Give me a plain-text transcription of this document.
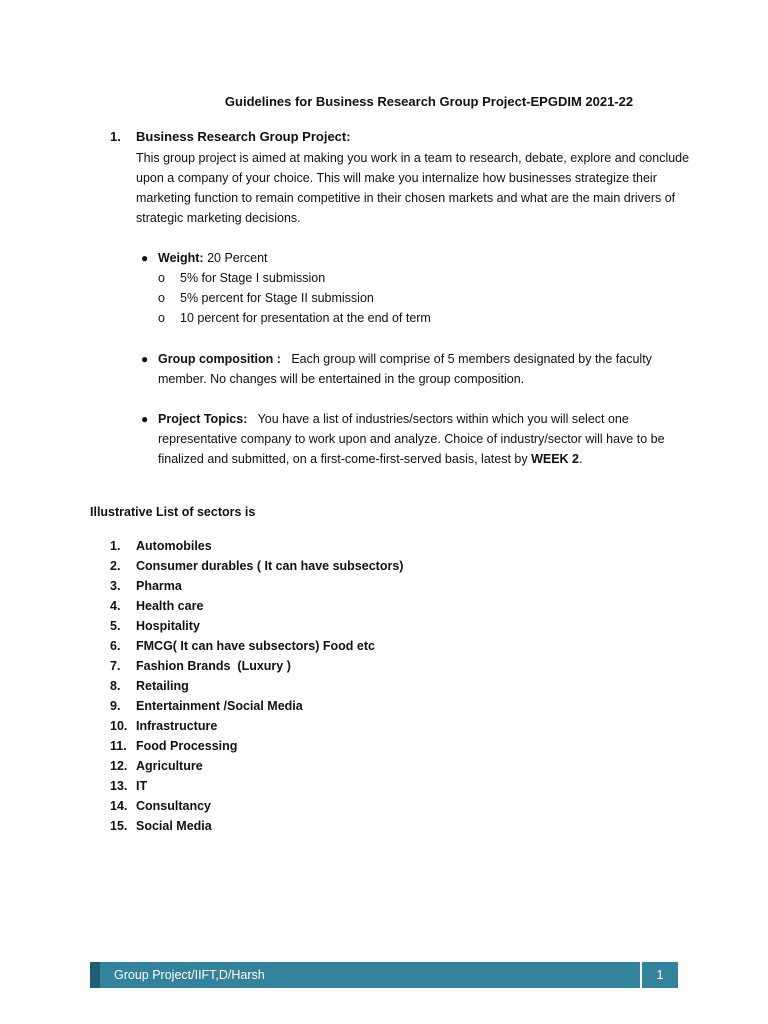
Guidelines for Business Research Group Project-EPGDIM 2021-22
1. Business Research Group Project:
This group project is aimed at making you work in a team to research, debate, explore and conclude
upon a company of your choice. This will make you internalize how businesses strategize their
marketing function to remain competitive in their chosen markets and what are the main drivers of
strategic marketing decisions.
● Weight: 20 Percent
o 5% for Stage I submission
o 5% percent for Stage II submission
o 10 percent for presentation at the end of term
● Group composition :   Each group will comprise of 5 members designated by the faculty
member. No changes will be entertained in the group composition.
● Project Topics:   You have a list of industries/sectors within which you will select one
representative company to work upon and analyze. Choice of industry/sector will have to be
finalized and submitted, on a first-come-first-served basis, latest by WEEK 2.
Illustrative List of sectors is
1. Automobiles
2. Consumer durables ( It can have subsectors)
3. Pharma
4. Health care
5. Hospitality
6. FMCG( It can have subsectors) Food etc
7. Fashion Brands  (Luxury )
8. Retailing
9. Entertainment /Social Media
10. Infrastructure
11. Food Processing
12. Agriculture
13. IT
14. Consultancy
15. Social Media
Group Project/IIFT,D/Harsh	1
